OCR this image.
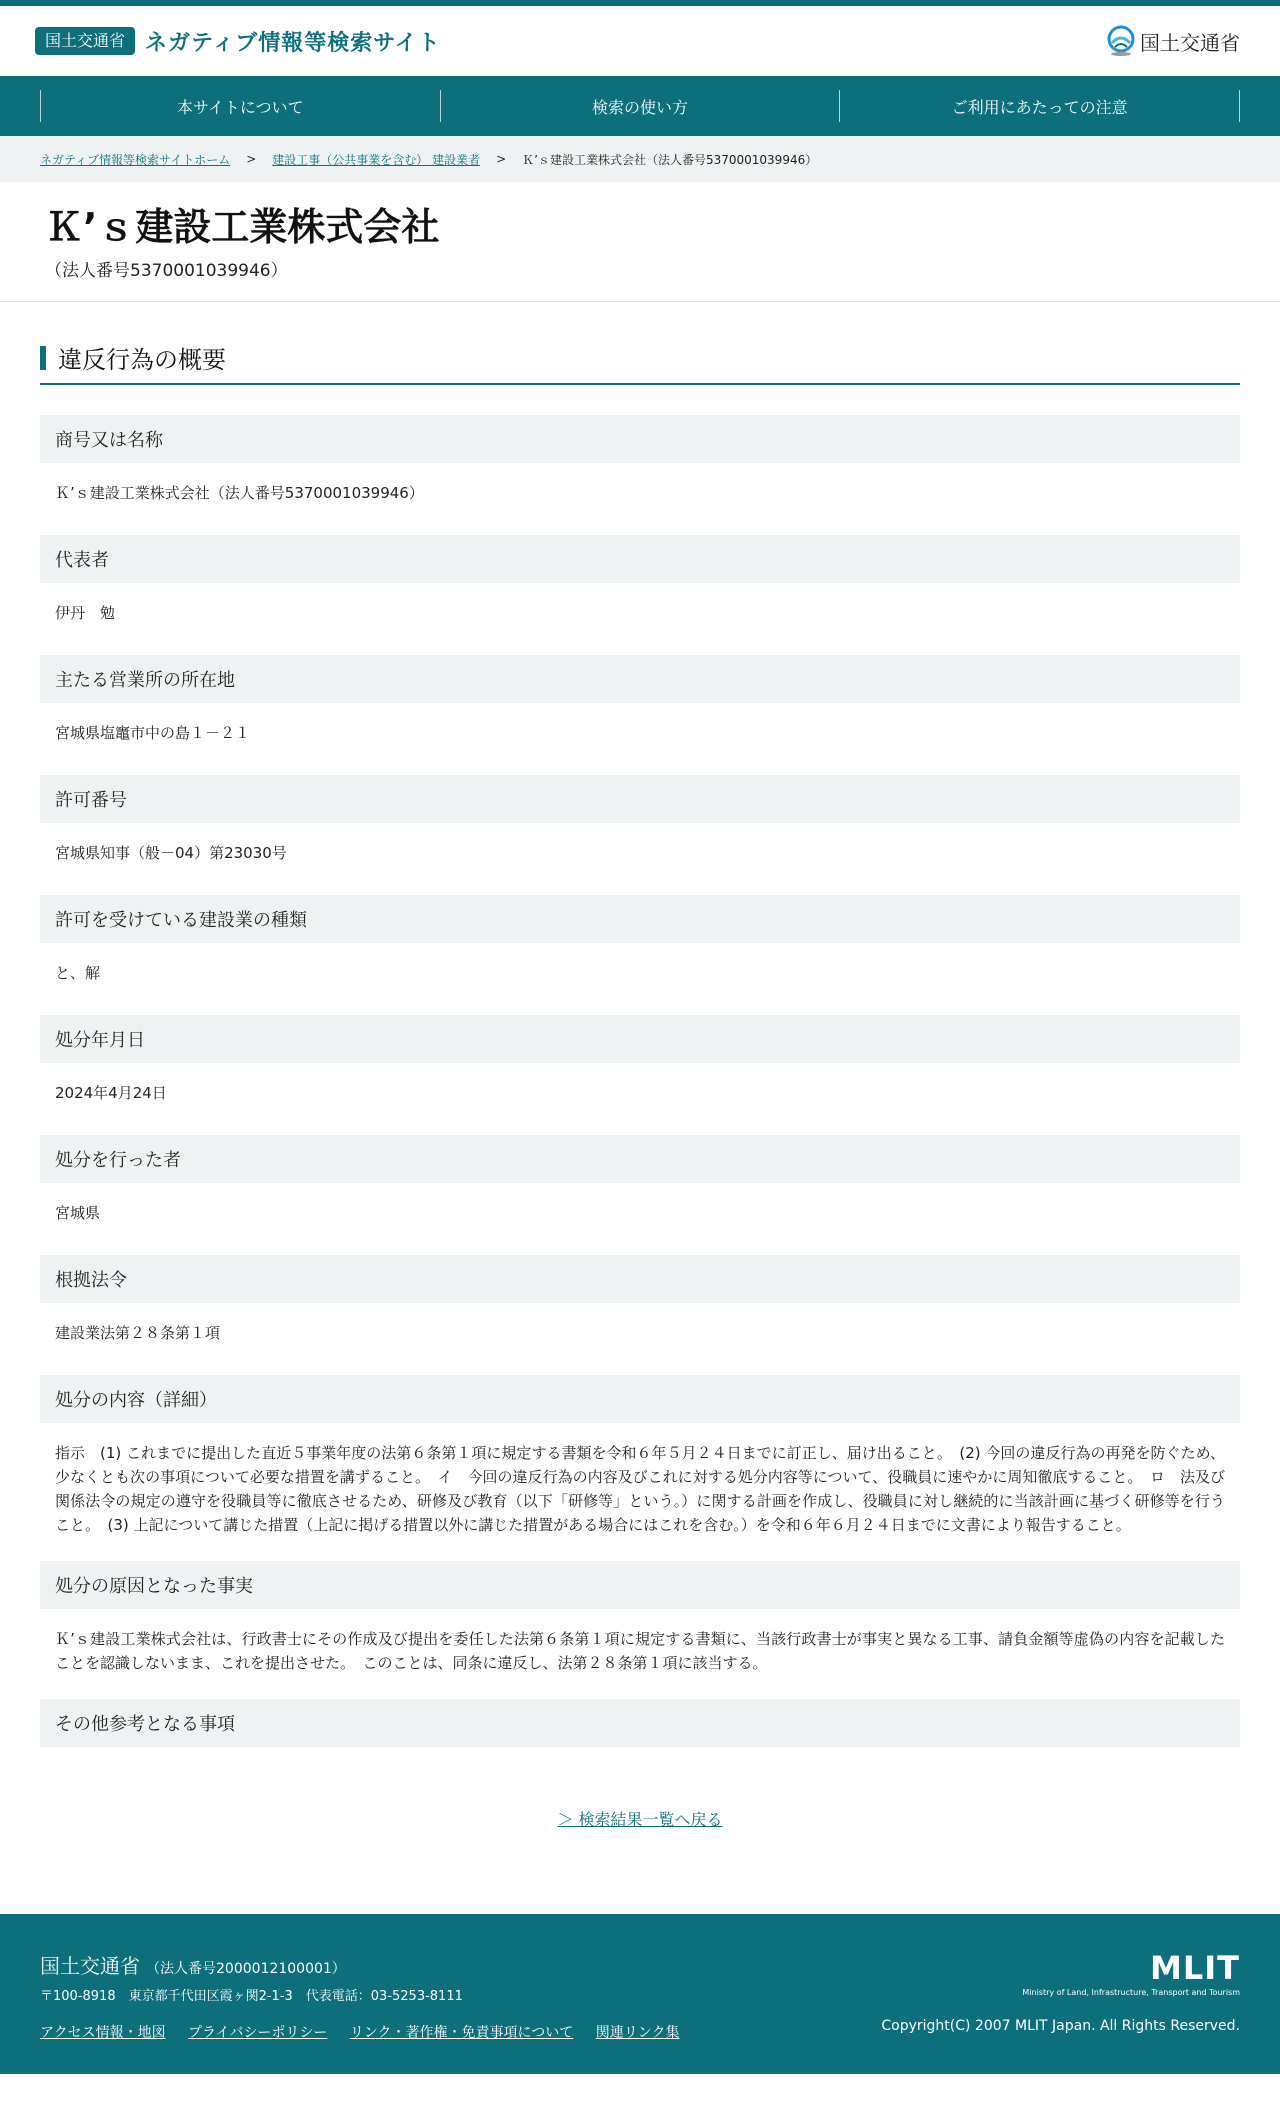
国土交通省 ネガティブ情報等検索サイト	国土交通省
本サイトについて	検索の使い方	ご利用にあたっての注意
ネガティブ情報等検索サイトホーム > 建設工事（公共事業を含む） 建設業者 > Ｋ’ｓ建設工業株式会社（法人番号5370001039946）
Ｋ’ｓ建設工業株式会社

（法人番号5370001039946）

違反行為の概要
商号又は名称
Ｋ’ｓ建設工業株式会社（法人番号5370001039946）
代表者
伊丹　勉
主たる営業所の所在地
宮城県塩竈市中の島１－２１
許可番号
宮城県知事（般－04）第23030号
許可を受けている建設業の種類
と、解
処分年月日
2024年4月24日
処分を行った者
宮城県
根拠法令
建設業法第２８条第１項
処分の内容（詳細）
指示　(1) これまでに提出した直近５事業年度の法第６条第１項に規定する書類を令和６年５月２４日までに訂正し、届け出ること。　(2) 今回の違反行為の再発を防ぐため、少なくとも次の事項について必要な措置を講ずること。　イ　今回の違反行為の内容及びこれに対する処分内容等について、役職員に速やかに周知徹底すること。　ロ　法及び関係法令の規定の遵守を役職員等に徹底させるため、研修及び教育（以下「研修等」という。）に関する計画を作成し、役職員に対し継続的に当該計画に基づく研修等を行うこと。　(3) 上記について講じた措置（上記に掲げる措置以外に講じた措置がある場合にはこれを含む。）を令和６年６月２４日までに文書により報告すること。
処分の原因となった事実
Ｋ’ｓ建設工業株式会社は、行政書士にその作成及び提出を委任した法第６条第１項に規定する書類に、当該行政書士が事実と異なる工事、請負金額等虚偽の内容を記載したことを認識しないまま、これを提出させた。　このことは、同条に違反し、法第２８条第１項に該当する。
その他参考となる事項
＞ 検索結果一覧へ戻る
国土交通省 （法人番号2000012100001）
〒100-8918　東京都千代田区霞ヶ関2-1-3　代表電話：03-5253-8111
アクセス情報・地図 プライバシーポリシー リンク・著作権・免責事項について 関連リンク集
MLIT
Ministry of Land, Infrastructure, Transport and Tourism
Copyright(C) 2007 MLIT Japan. All Rights Reserved.
